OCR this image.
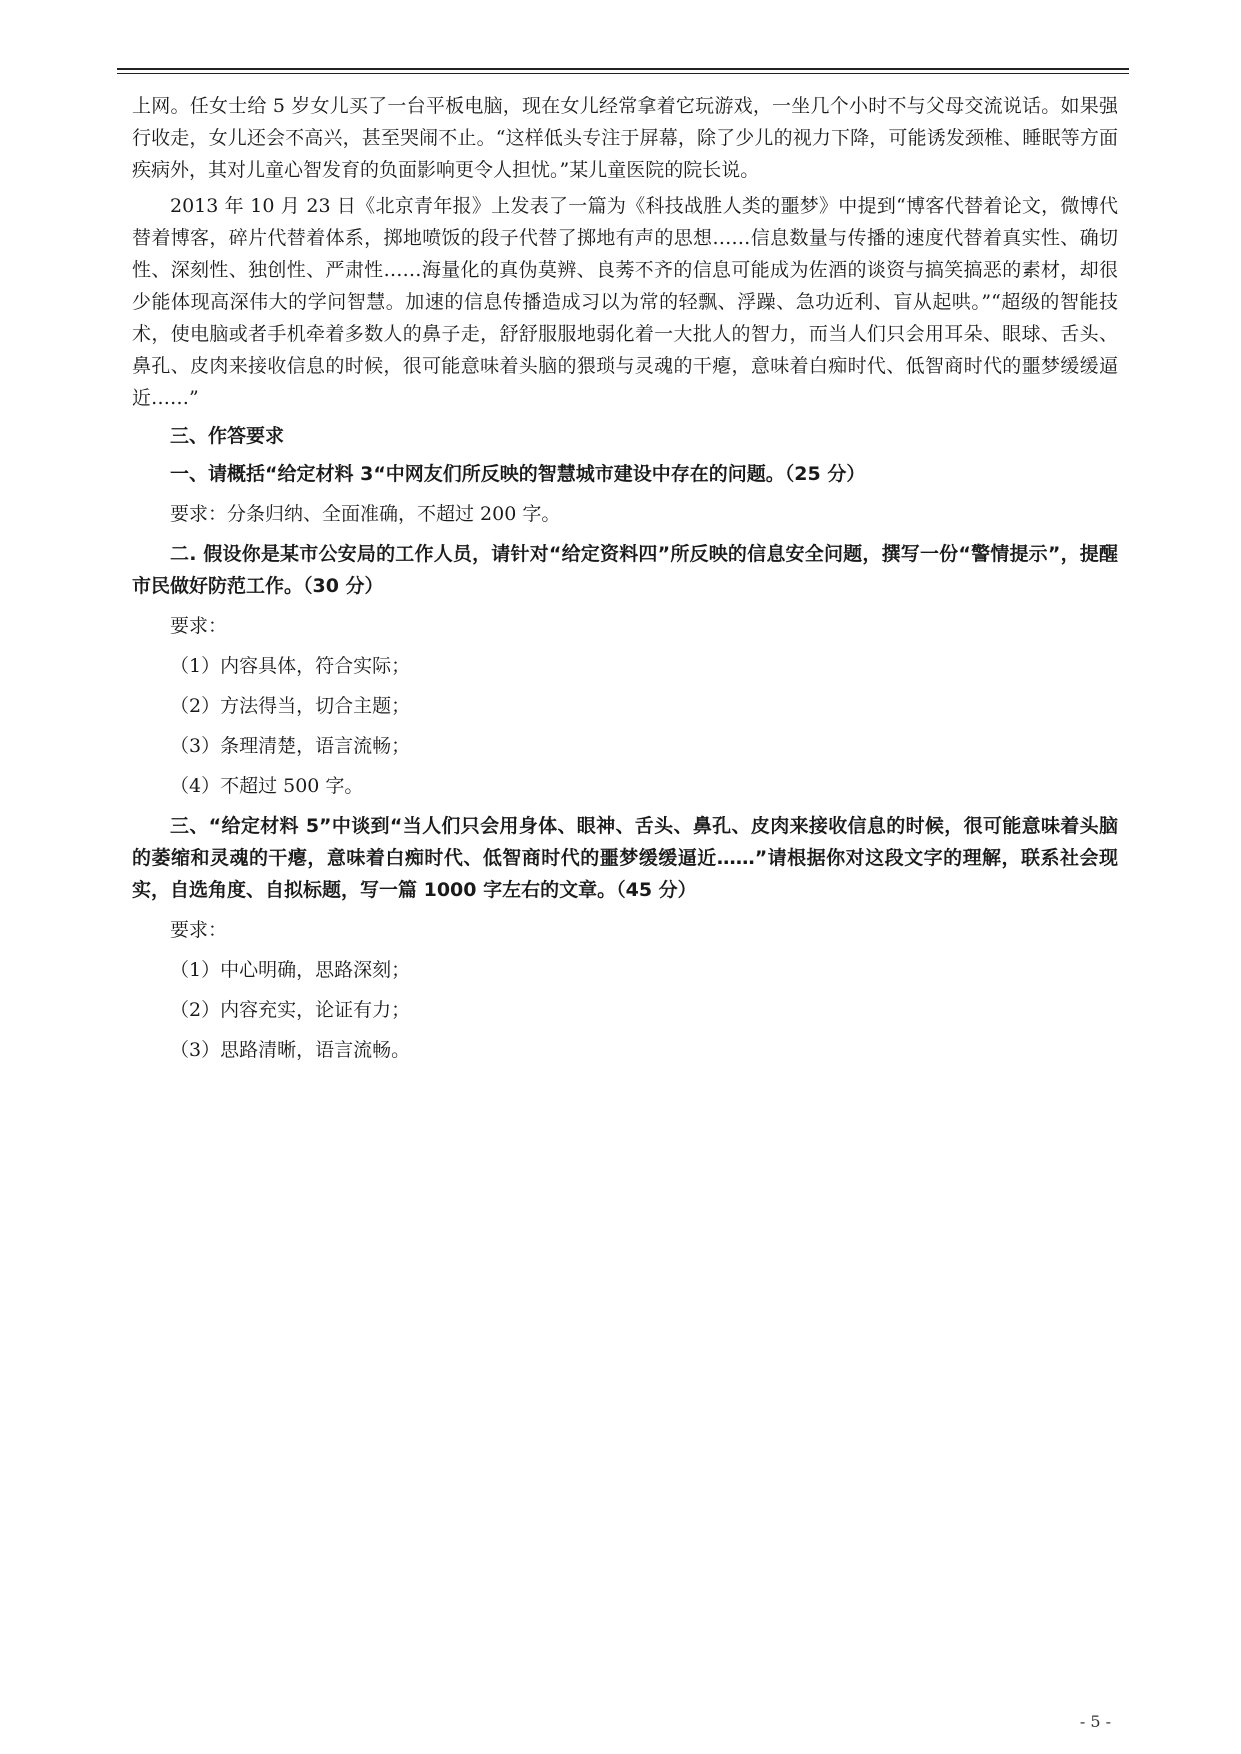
上网。任女士给 5 岁女儿买了一台平板电脑，现在女儿经常拿着它玩游戏，一坐几个小时不与父母交流说话。如果强行收走，女儿还会不高兴，甚至哭闹不止。“这样低头专注于屏幕，除了少儿的视力下降，可能诱发颈椎、睡眠等方面疾病外，其对儿童心智发育的负面影响更令人担忧。”某儿童医院的院长说。

2013 年 10 月 23 日《北京青年报》上发表了一篇为《科技战胜人类的噩梦》中提到“博客代替着论文，微博代替着博客，碎片代替着体系，掷地喷饭的段子代替了掷地有声的思想……信息数量与传播的速度代替着真实性、确切性、深刻性、独创性、严肃性……海量化的真伪莫辨、良莠不齐的信息可能成为佐酒的谈资与搞笑搞恶的素材，却很少能体现高深伟大的学问智慧。加速的信息传播造成习以为常的轻飘、浮躁、急功近利、盲从起哄。”“超级的智能技术，使电脑或者手机牵着多数人的鼻子走，舒舒服服地弱化着一大批人的智力，而当人们只会用耳朵、眼球、舌头、鼻孔、皮肉来接收信息的时候，很可能意味着头脑的猥琐与灵魂的干瘪，意味着白痴时代、低智商时代的噩梦缓缓逼近……”

三、作答要求

一、请概括“给定材料 3“中网友们所反映的智慧城市建设中存在的问题。（25 分）

要求：分条归纳、全面准确，不超过 200 字。

二. 假设你是某市公安局的工作人员，请针对“给定资料四”所反映的信息安全问题，撰写一份“警情提示”，提醒市民做好防范工作。（30 分）

要求：

（1）内容具体，符合实际；

（2）方法得当，切合主题；

（3）条理清楚，语言流畅；

（4）不超过 500 字。

三、“给定材料 5”中谈到“当人们只会用身体、眼神、舌头、鼻孔、皮肉来接收信息的时候，很可能意味着头脑的萎缩和灵魂的干瘪，意味着白痴时代、低智商时代的噩梦缓缓逼近……”请根据你对这段文字的理解，联系社会现实，自选角度、自拟标题，写一篇 1000 字左右的文章。（45 分）

要求：

（1）中心明确，思路深刻；

（2）内容充实，论证有力；

（3）思路清晰，语言流畅。

- 5 -
